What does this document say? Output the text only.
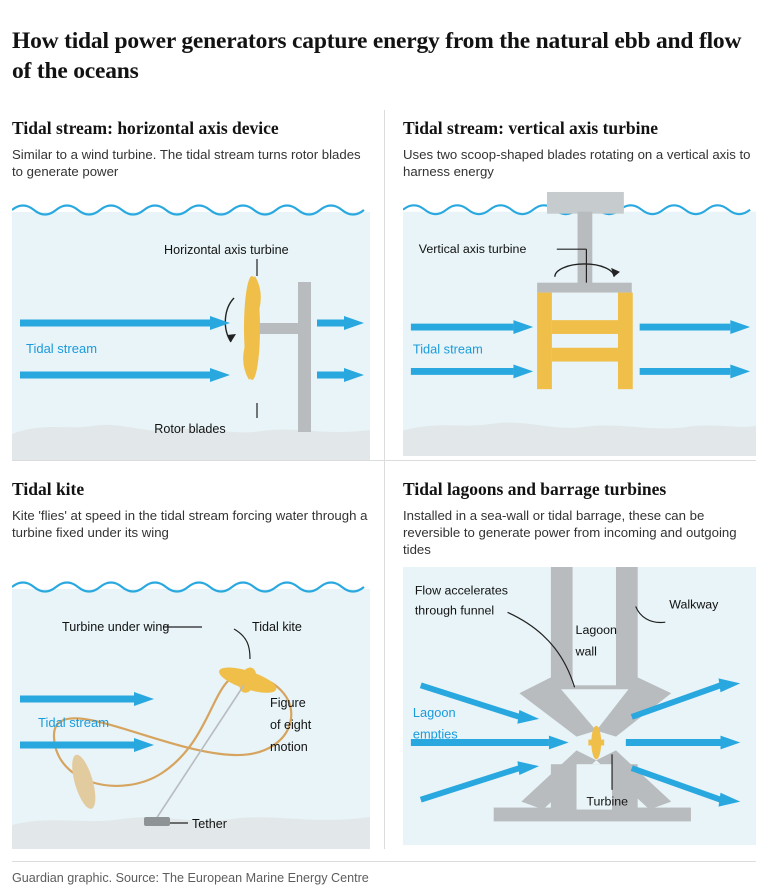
How tidal power generators capture energy from the natural ebb and flow of the oceans
Tidal stream: horizontal axis device
Similar to a wind turbine. The tidal stream turns rotor blades to generate power
Horizontal axis turbine
Rotor blades
Tidal stream
Tidal stream: vertical axis turbine
Uses two scoop-shaped blades rotating on a vertical axis to harness energy
Vertical axis turbine
Tidal stream
Tidal kite
Kite 'flies' at speed in the tidal stream forcing water through a turbine fixed under its wing
Turbine under wing	Tidal kite
Figure
of eight
motion
Tidal stream
Tether
Tidal lagoons and barrage turbines
Installed in a sea-wall or tidal barrage, these can be reversible to generate power from incoming and outgoing tides
Flow accelerates
through funnel	Walkway
Lagoon
wall
Lagoon
empties
Turbine
Guardian graphic. Source: The European Marine Energy Centre
